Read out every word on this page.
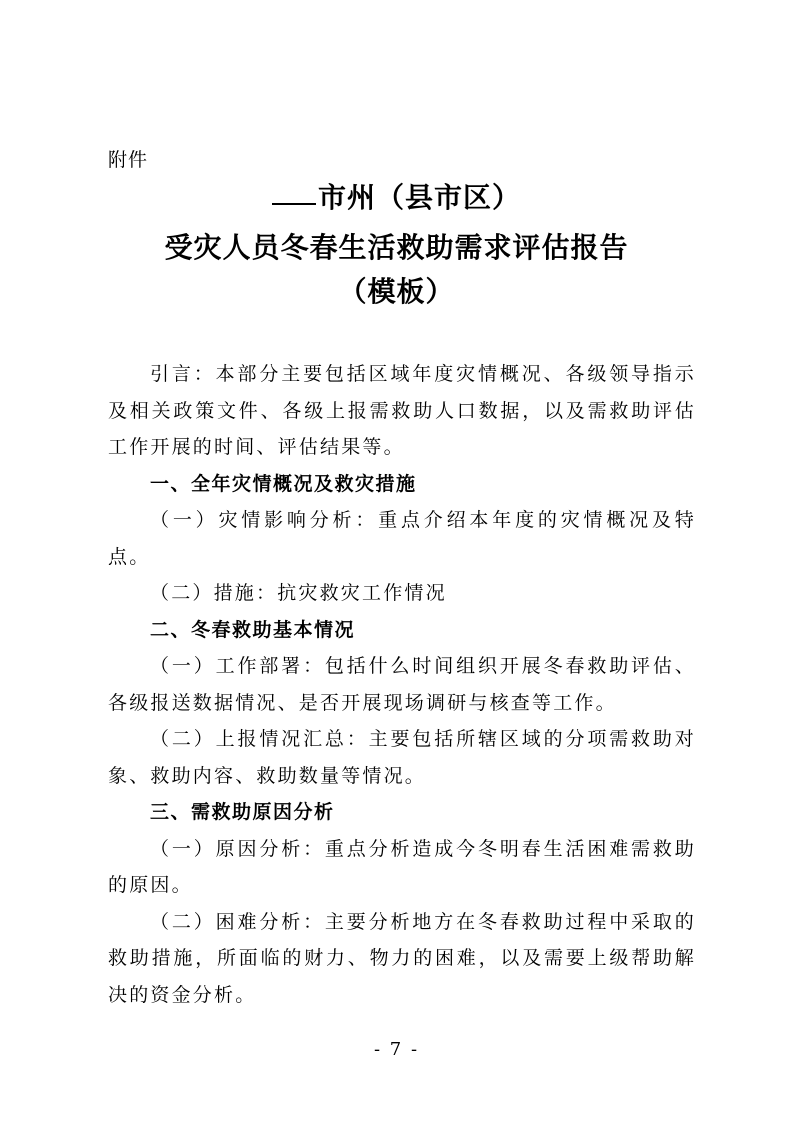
附件
市州（县市区）
受灾人员冬春生活救助需求评估报告
（模板）

引言：本部分主要包括区域年度灾情概况、各级领导指示及相关政策文件、各级上报需救助人口数据，以及需救助评估工作开展的时间、评估结果等。

一、全年灾情概况及救灾措施

（一）灾情影响分析：重点介绍本年度的灾情概况及特点。

（二）措施：抗灾救灾工作情况

二、冬春救助基本情况

（一）工作部署：包括什么时间组织开展冬春救助评估、各级报送数据情况、是否开展现场调研与核查等工作。

（二）上报情况汇总：主要包括所辖区域的分项需救助对象、救助内容、救助数量等情况。

三、需救助原因分析

（一）原因分析：重点分析造成今冬明春生活困难需救助的原因。

（二）困难分析：主要分析地方在冬春救助过程中采取的救助措施，所面临的财力、物力的困难，以及需要上级帮助解决的资金分析。

- 7 -
